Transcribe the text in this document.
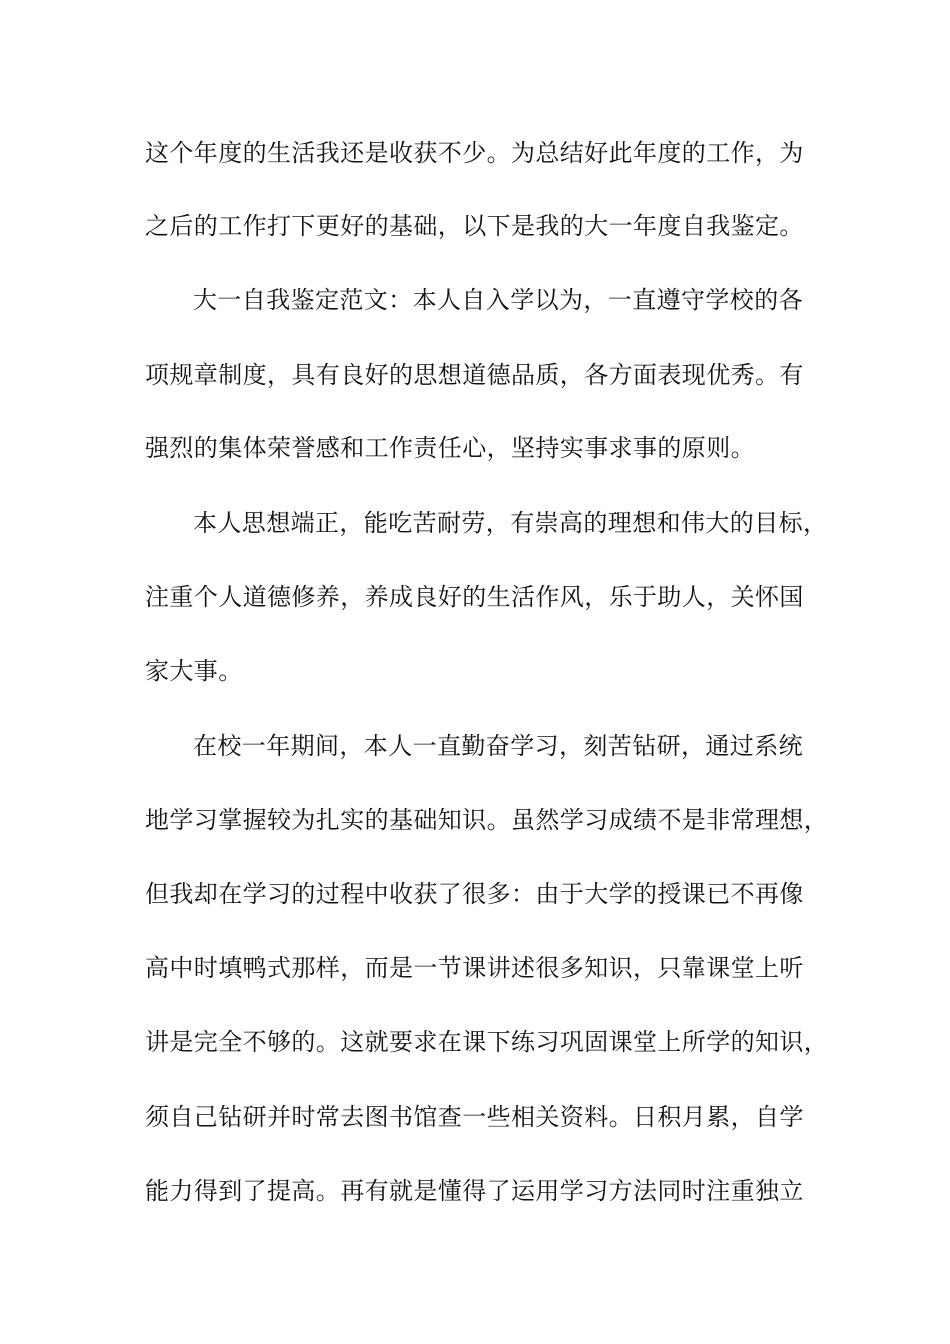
这个年度的生活我还是收获不少。为总结好此年度的工作，为
之后的工作打下更好的基础，以下是我的大一年度自我鉴定。
大一自我鉴定范文：本人自入学以为，一直遵守学校的各
项规章制度，具有良好的思想道德品质，各方面表现优秀。有
强烈的集体荣誉感和工作责任心，坚持实事求事的原则。
本人思想端正，能吃苦耐劳，有崇高的理想和伟大的目标，
注重个人道德修养，养成良好的生活作风，乐于助人，关怀国
家大事。
在校一年期间，本人一直勤奋学习，刻苦钻研，通过系统
地学习掌握较为扎实的基础知识。虽然学习成绩不是非常理想，
但我却在学习的过程中收获了很多：由于大学的授课已不再像
高中时填鸭式那样，而是一节课讲述很多知识，只靠课堂上听
讲是完全不够的。这就要求在课下练习巩固课堂上所学的知识，
须自己钻研并时常去图书馆查一些相关资料。日积月累，自学
能力得到了提高。再有就是懂得了运用学习方法同时注重独立
